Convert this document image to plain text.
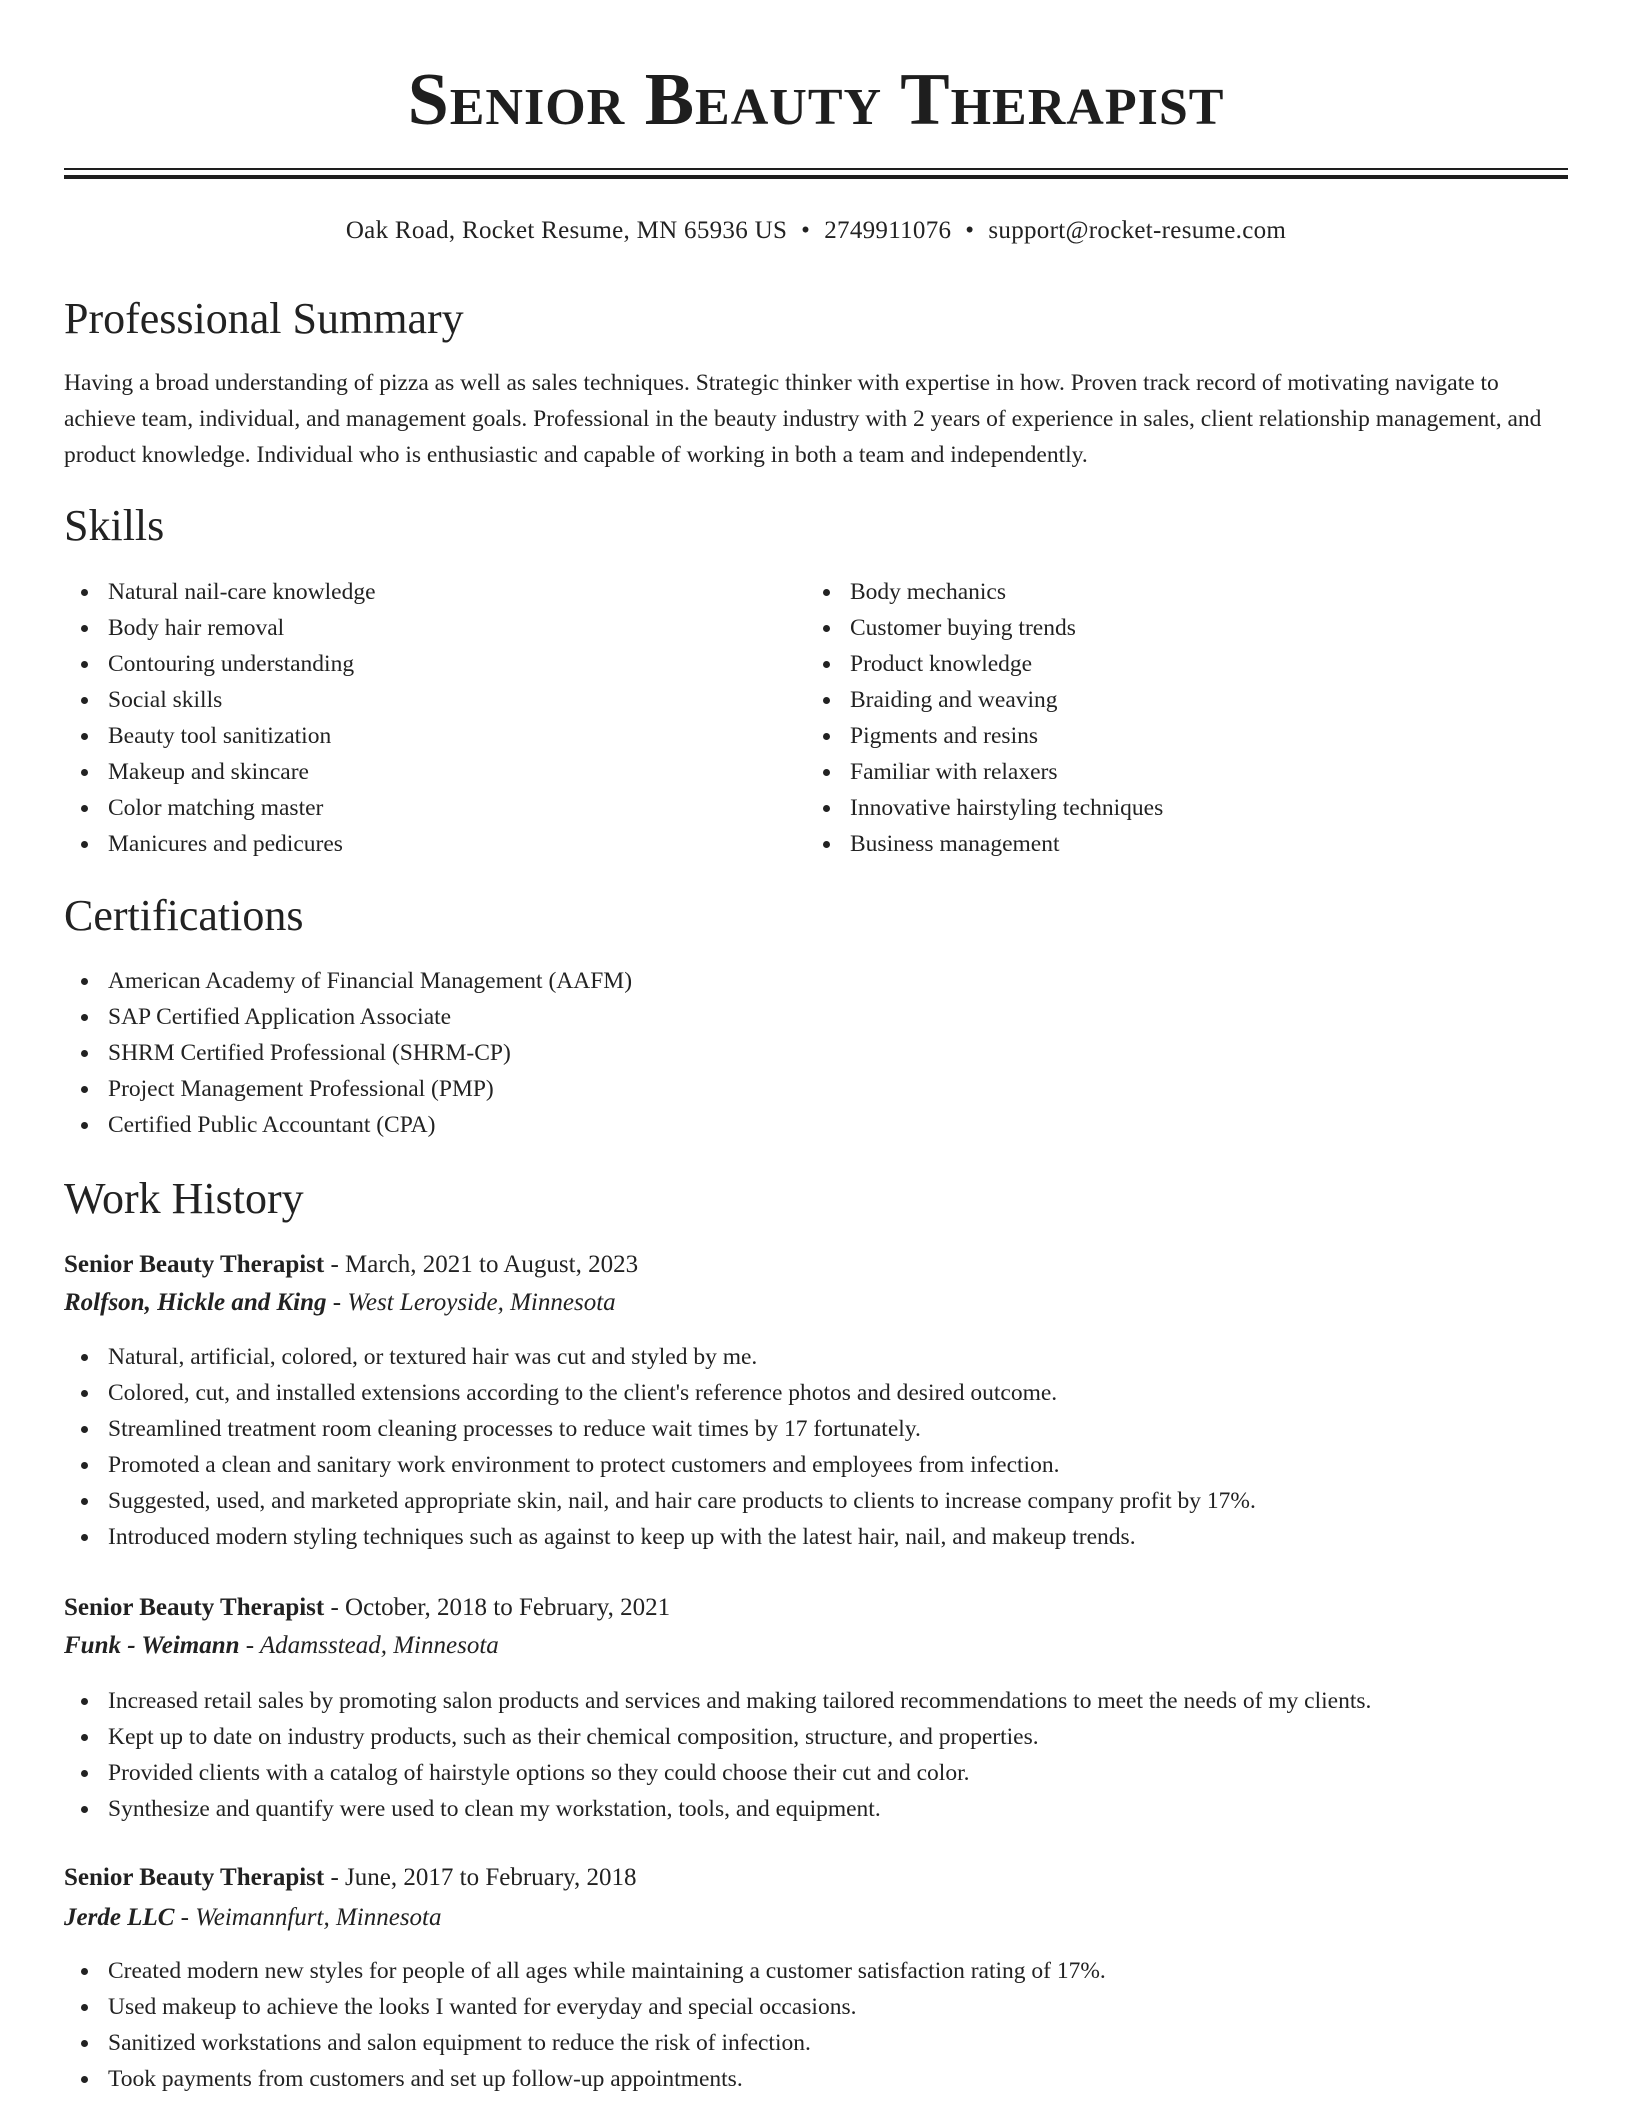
Senior Beauty Therapist
Oak Road, Rocket Resume, MN 65936 US • 2749911076 • support@rocket-resume.com
Professional Summary

Having a broad understanding of pizza as well as sales techniques. Strategic thinker with expertise in how. Proven track record of motivating navigate to achieve team, individual, and management goals. Professional in the beauty industry with 2 years of experience in sales, client relationship management, and product knowledge. Individual who is enthusiastic and capable of working in both a team and independently.

Skills
Natural nail-care knowledge
Body hair removal
Contouring understanding
Social skills
Beauty tool sanitization
Makeup and skincare
Color matching master
Manicures and pedicures
Body mechanics
Customer buying trends
Product knowledge
Braiding and weaving
Pigments and resins
Familiar with relaxers
Innovative hairstyling techniques
Business management
Certifications
American Academy of Financial Management (AAFM)
SAP Certified Application Associate
SHRM Certified Professional (SHRM-CP)
Project Management Professional (PMP)
Certified Public Accountant (CPA)
Work History
Senior Beauty Therapist - March, 2021 to August, 2023
Rolfson, Hickle and King - West Leroyside, Minnesota
Natural, artificial, colored, or textured hair was cut and styled by me.
Colored, cut, and installed extensions according to the client's reference photos and desired outcome.
Streamlined treatment room cleaning processes to reduce wait times by 17 fortunately.
Promoted a clean and sanitary work environment to protect customers and employees from infection.
Suggested, used, and marketed appropriate skin, nail, and hair care products to clients to increase company profit by 17%.
Introduced modern styling techniques such as against to keep up with the latest hair, nail, and makeup trends.
Senior Beauty Therapist - October, 2018 to February, 2021
Funk - Weimann - Adamsstead, Minnesota
Increased retail sales by promoting salon products and services and making tailored recommendations to meet the needs of my clients.
Kept up to date on industry products, such as their chemical composition, structure, and properties.
Provided clients with a catalog of hairstyle options so they could choose their cut and color.
Synthesize and quantify were used to clean my workstation, tools, and equipment.
Senior Beauty Therapist - June, 2017 to February, 2018
Jerde LLC - Weimannfurt, Minnesota
Created modern new styles for people of all ages while maintaining a customer satisfaction rating of 17%.
Used makeup to achieve the looks I wanted for everyday and special occasions.
Sanitized workstations and salon equipment to reduce the risk of infection.
Took payments from customers and set up follow-up appointments.
